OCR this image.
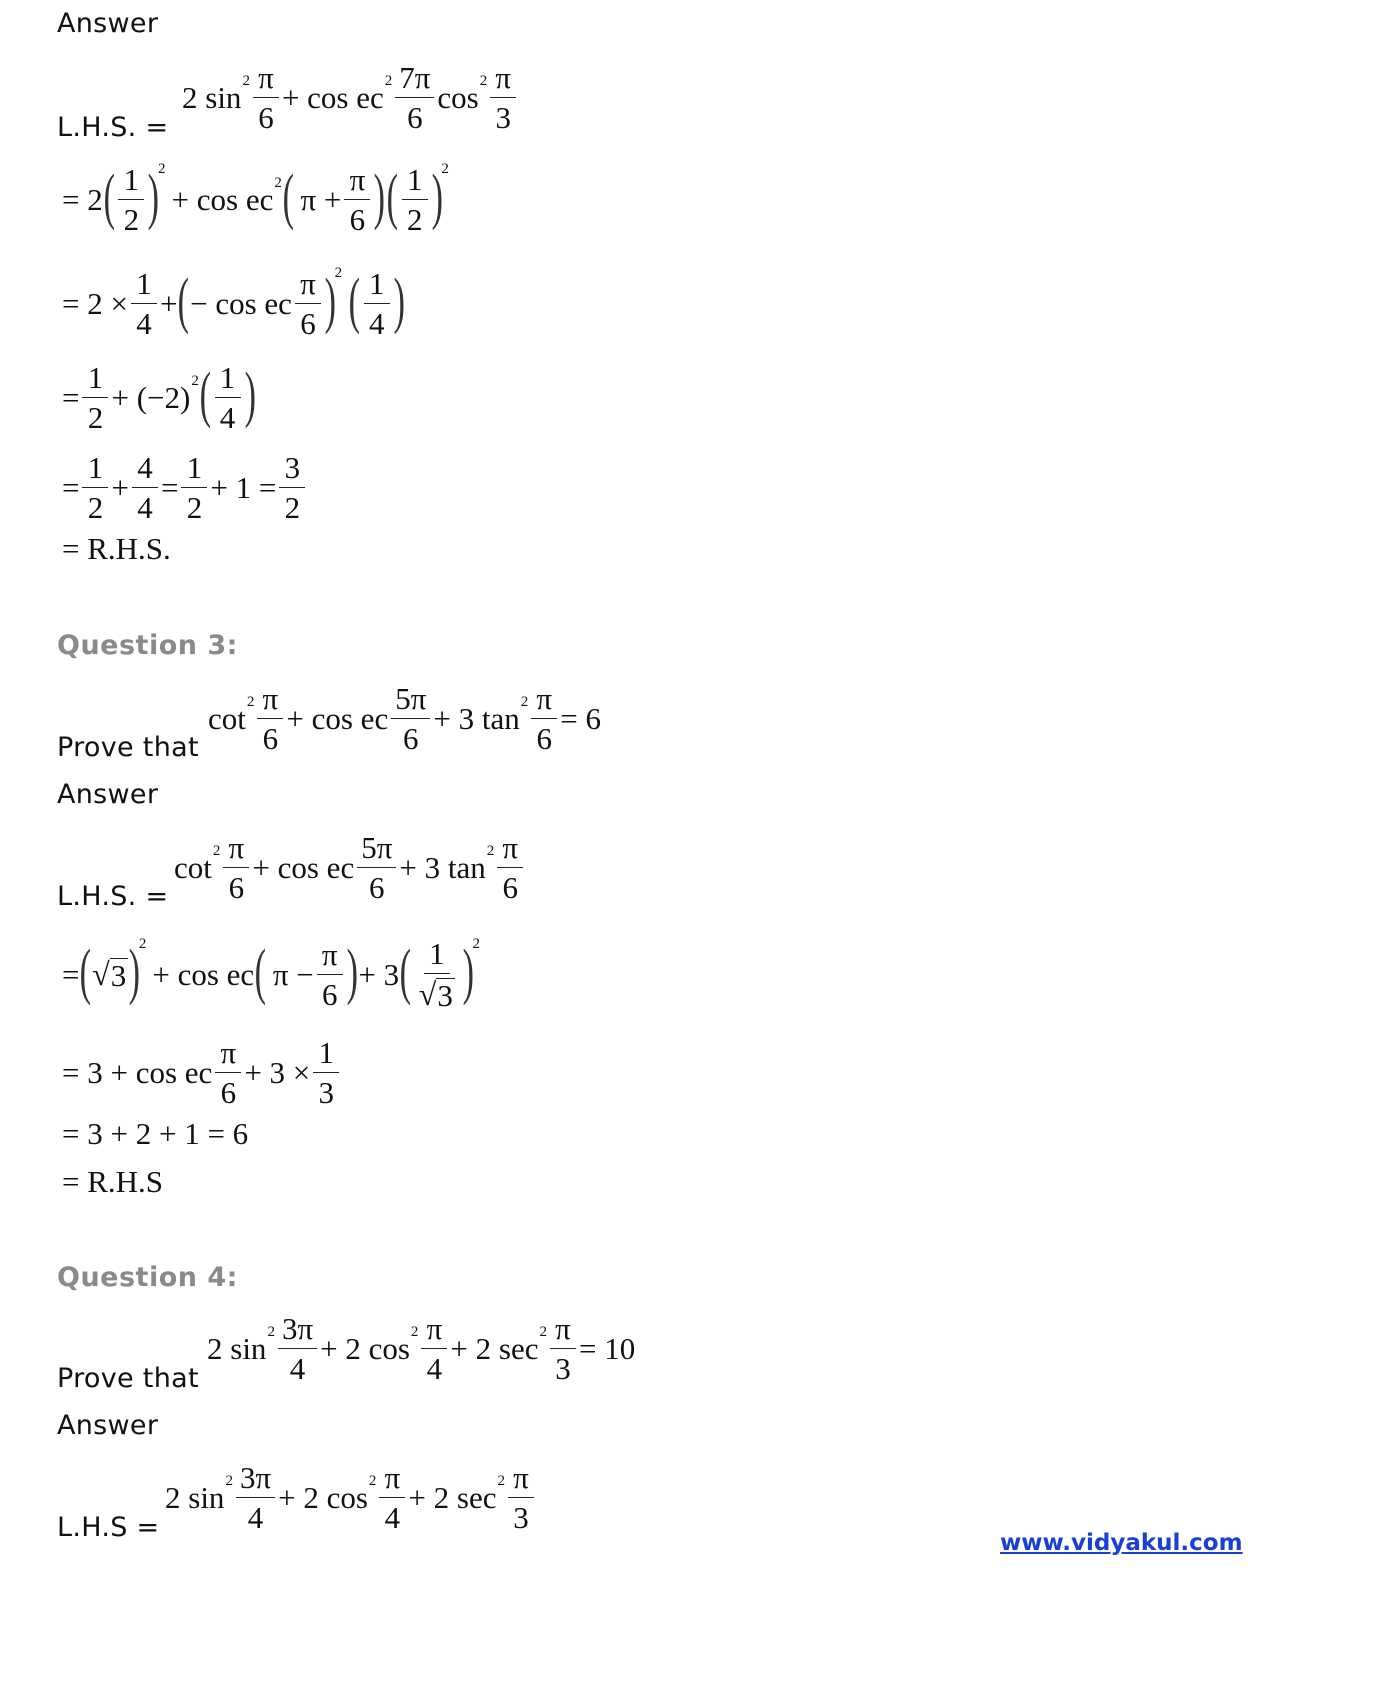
Answer
2 $\sin 2 \frac{\pi}{6} + \cos$ ec $2 \frac{7\pi}{6}$ $\cos 2 \frac{\pi}{3}$
L.H.S. =
= 2 ( $\frac{1}{2}$ )
2
+ cos ec 2 ( $\pi + \frac{\pi}{6}$ ) ( $\frac{1}{2}$ )
2
= $2 \times \frac{1}{4}$ + ( − cos ec $\frac{\pi}{6}$ )
2 ( $\frac{1}{4}$ )
= $\frac{1}{2} + (-2)$ 2 ( $\frac{1}{4}$ )
= $\frac{1}{2} + \frac{4}{4} = \frac{1}{2} + 1 = \frac{3}{2}$
= R.H.S.
Question 3:
$\cot 2 \frac{\pi}{6} + \cos$ ec $\frac{5\pi}{6} + 3$ $\tan 2 \frac{\pi}{6} = 6$
Prove that
Answer
$\cot 2 \frac{\pi}{6} + \cos$ ec $\frac{5\pi}{6} + 3$ $\tan 2 \frac{\pi}{6}$
L.H.S. =
= ( √ 3 )
2
+ cos ec ( $\pi - \frac{\pi}{6}$ ) + 3 ( $\frac{1}{√ 3}$ )
2
= 3 + cos ec $\frac{\pi}{6} + 3 \times \frac{1}{3}$
= 3 + 2 + 1 = 6
= R.H.S
Question 4:
2 $\sin 2 \frac{3\pi}{4} + 2$ $\cos 2 \frac{\pi}{4} + 2$ $\sec 2 \frac{\pi}{3} = 10$
Prove that
Answer
2 $\sin 2 \frac{3\pi}{4} + 2$ $\cos 2 \frac{\pi}{4} + 2$ $\sec 2 \frac{\pi}{3}$
L.H.S =	www.vidyakul.com
